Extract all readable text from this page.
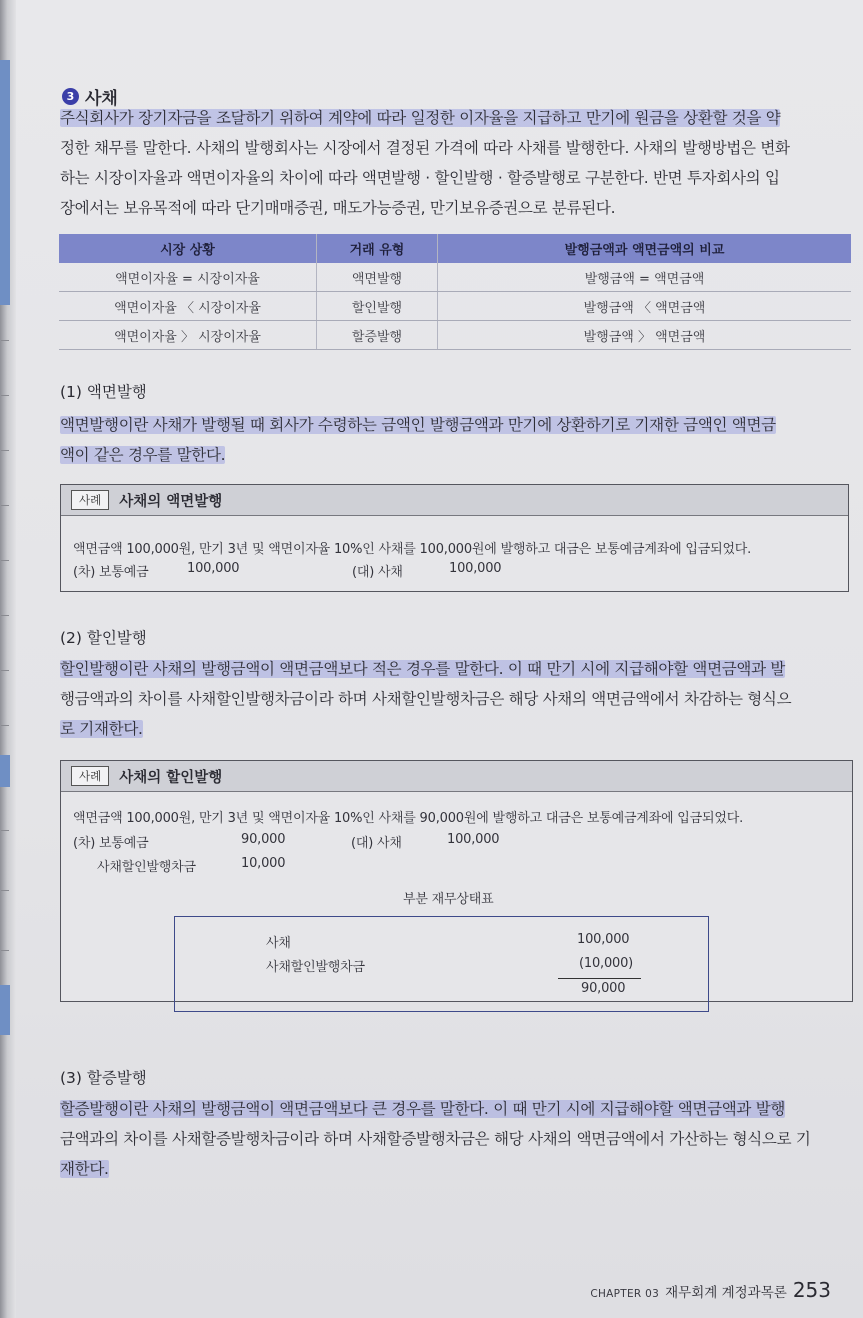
3 사채
주식회사가 장기자금을 조달하기 위하여 계약에 따라 일정한 이자율을 지급하고 만기에 원금을 상환할 것을 약
정한 채무를 말한다. 사채의 발행회사는 시장에서 결정된 가격에 따라 사채를 발행한다. 사채의 발행방법은 변화
하는 시장이자율과 액면이자율의 차이에 따라 액면발행 · 할인발행 · 할증발행로 구분한다. 반면 투자회사의 입
장에서는 보유목적에 따라 단기매매증권, 매도가능증권, 만기보유증권으로 분류된다.
시장 상황	거래 유형	발행금액과 액면금액의 비교
액면이자율 = 시장이자율	액면발행	발행금액 = 액면금액
액면이자율 〈 시장이자율	할인발행	발행금액 〈 액면금액
액면이자율 〉 시장이자율	할증발행	발행금액 〉 액면금액
(1) 액면발행
액면발행이란 사채가 발행될 때 회사가 수령하는 금액인 발행금액과 만기에 상환하기로 기재한 금액인 액면금
액이 같은 경우를 말한다.
사례	사채의 액면발행
액면금액 100,000원, 만기 3년 및 액면이자율 10%인 사채를 100,000원에 발행하고 대금은 보통예금계좌에 입금되었다.
(차) 보통예금	100,000	(대) 사채	100,000
(2) 할인발행
할인발행이란 사채의 발행금액이 액면금액보다 적은 경우를 말한다. 이 때 만기 시에 지급해야할 액면금액과 발
행금액과의 차이를 사채할인발행차금이라 하며 사채할인발행차금은 해당 사채의 액면금액에서 차감하는 형식으
로 기재한다.
사례	사채의 할인발행
액면금액 100,000원, 만기 3년 및 액면이자율 10%인 사채를 90,000원에 발행하고 대금은 보통예금계좌에 입금되었다.
(차) 보통예금	90,000	(대) 사채	100,000
사채할인발행차금	10,000
부분 재무상태표
사채	100,000
사채할인발행차금	(10,000)
90,000
(3) 할증발행
할증발행이란 사채의 발행금액이 액면금액보다 큰 경우를 말한다. 이 때 만기 시에 지급해야할 액면금액과 발행
금액과의 차이를 사채할증발행차금이라 하며 사채할증발행차금은 해당 사채의 액면금액에서 가산하는 형식으로 기
재한다.
CHAPTER 03 재무회계 계정과목론 253
